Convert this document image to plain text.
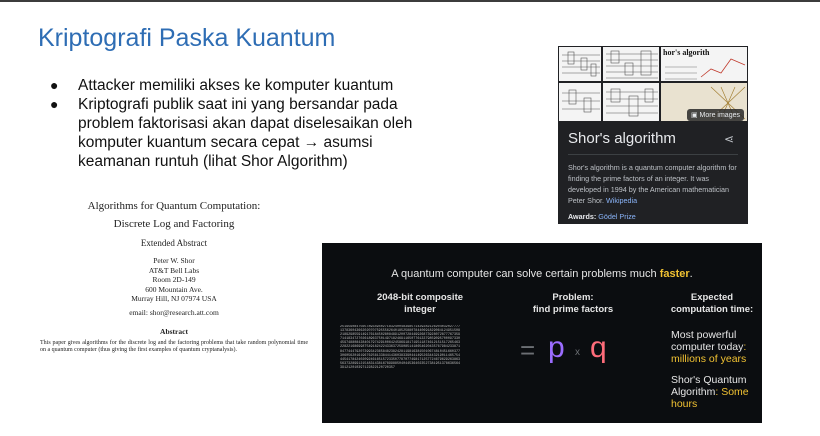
Kriptografi Paska Kuantum
● Attacker memiliki akses ke komputer kuantum
● Kriptografi publik saat ini yang bersandar pada problem faktorisasi akan dapat diselesaikan oleh komputer kuantum secara cepat → asumsi keamanan runtuh (lihat Shor Algorithm)
Algorithms for Quantum Computation:
Discrete Log and Factoring
Extended Abstract
Peter W. Shor
AT&T Bell Labs
Room 2D-149
600 Mountain Ave.
Murray Hill, NJ 07974 USA
email: shor@research.att.com
Abstract
This paper gives algorithms for the discrete log and the factoring problems that take random polynomial time on a quantum computer (thus giving the first examples of quantum cryptanalysis).
hor's algorith
▣ More images
Shor's algorithm	⋖
Shor's algorithm is a quantum computer algorithm for finding the prime factors of an integer. It was developed in 1994 by the American mathematician Peter Shor. Wikipedia
Awards: Gödel Prize
A quantum computer can solve certain problems much faster.
2048-bit composite
integer
Problem:
find prime factors
Expected
computation time:
25195908475657893494027183240048398571429282126204032027777137836043662020707595556264018525880784406918290641249515082189298559149176184502808489120072844992687392807287776735971418347270261896375014971824691165077613379859095700097330459748808428401797429100642458691817195118746121515172654632282216869987549182422433637259085141865462043576798423387184774447920739934236584823824281198163815010674810451660377306056201619676256133844143603833904414952634432190114657544454178424020924616515723350778707749817125772467962926386356373289912154831438167899885040445364023527381951378636564391212010397122822120720357
= p x q	Most powerful
computer today:
millions of years
Shor's Quantum
Algorithm: Some hours
